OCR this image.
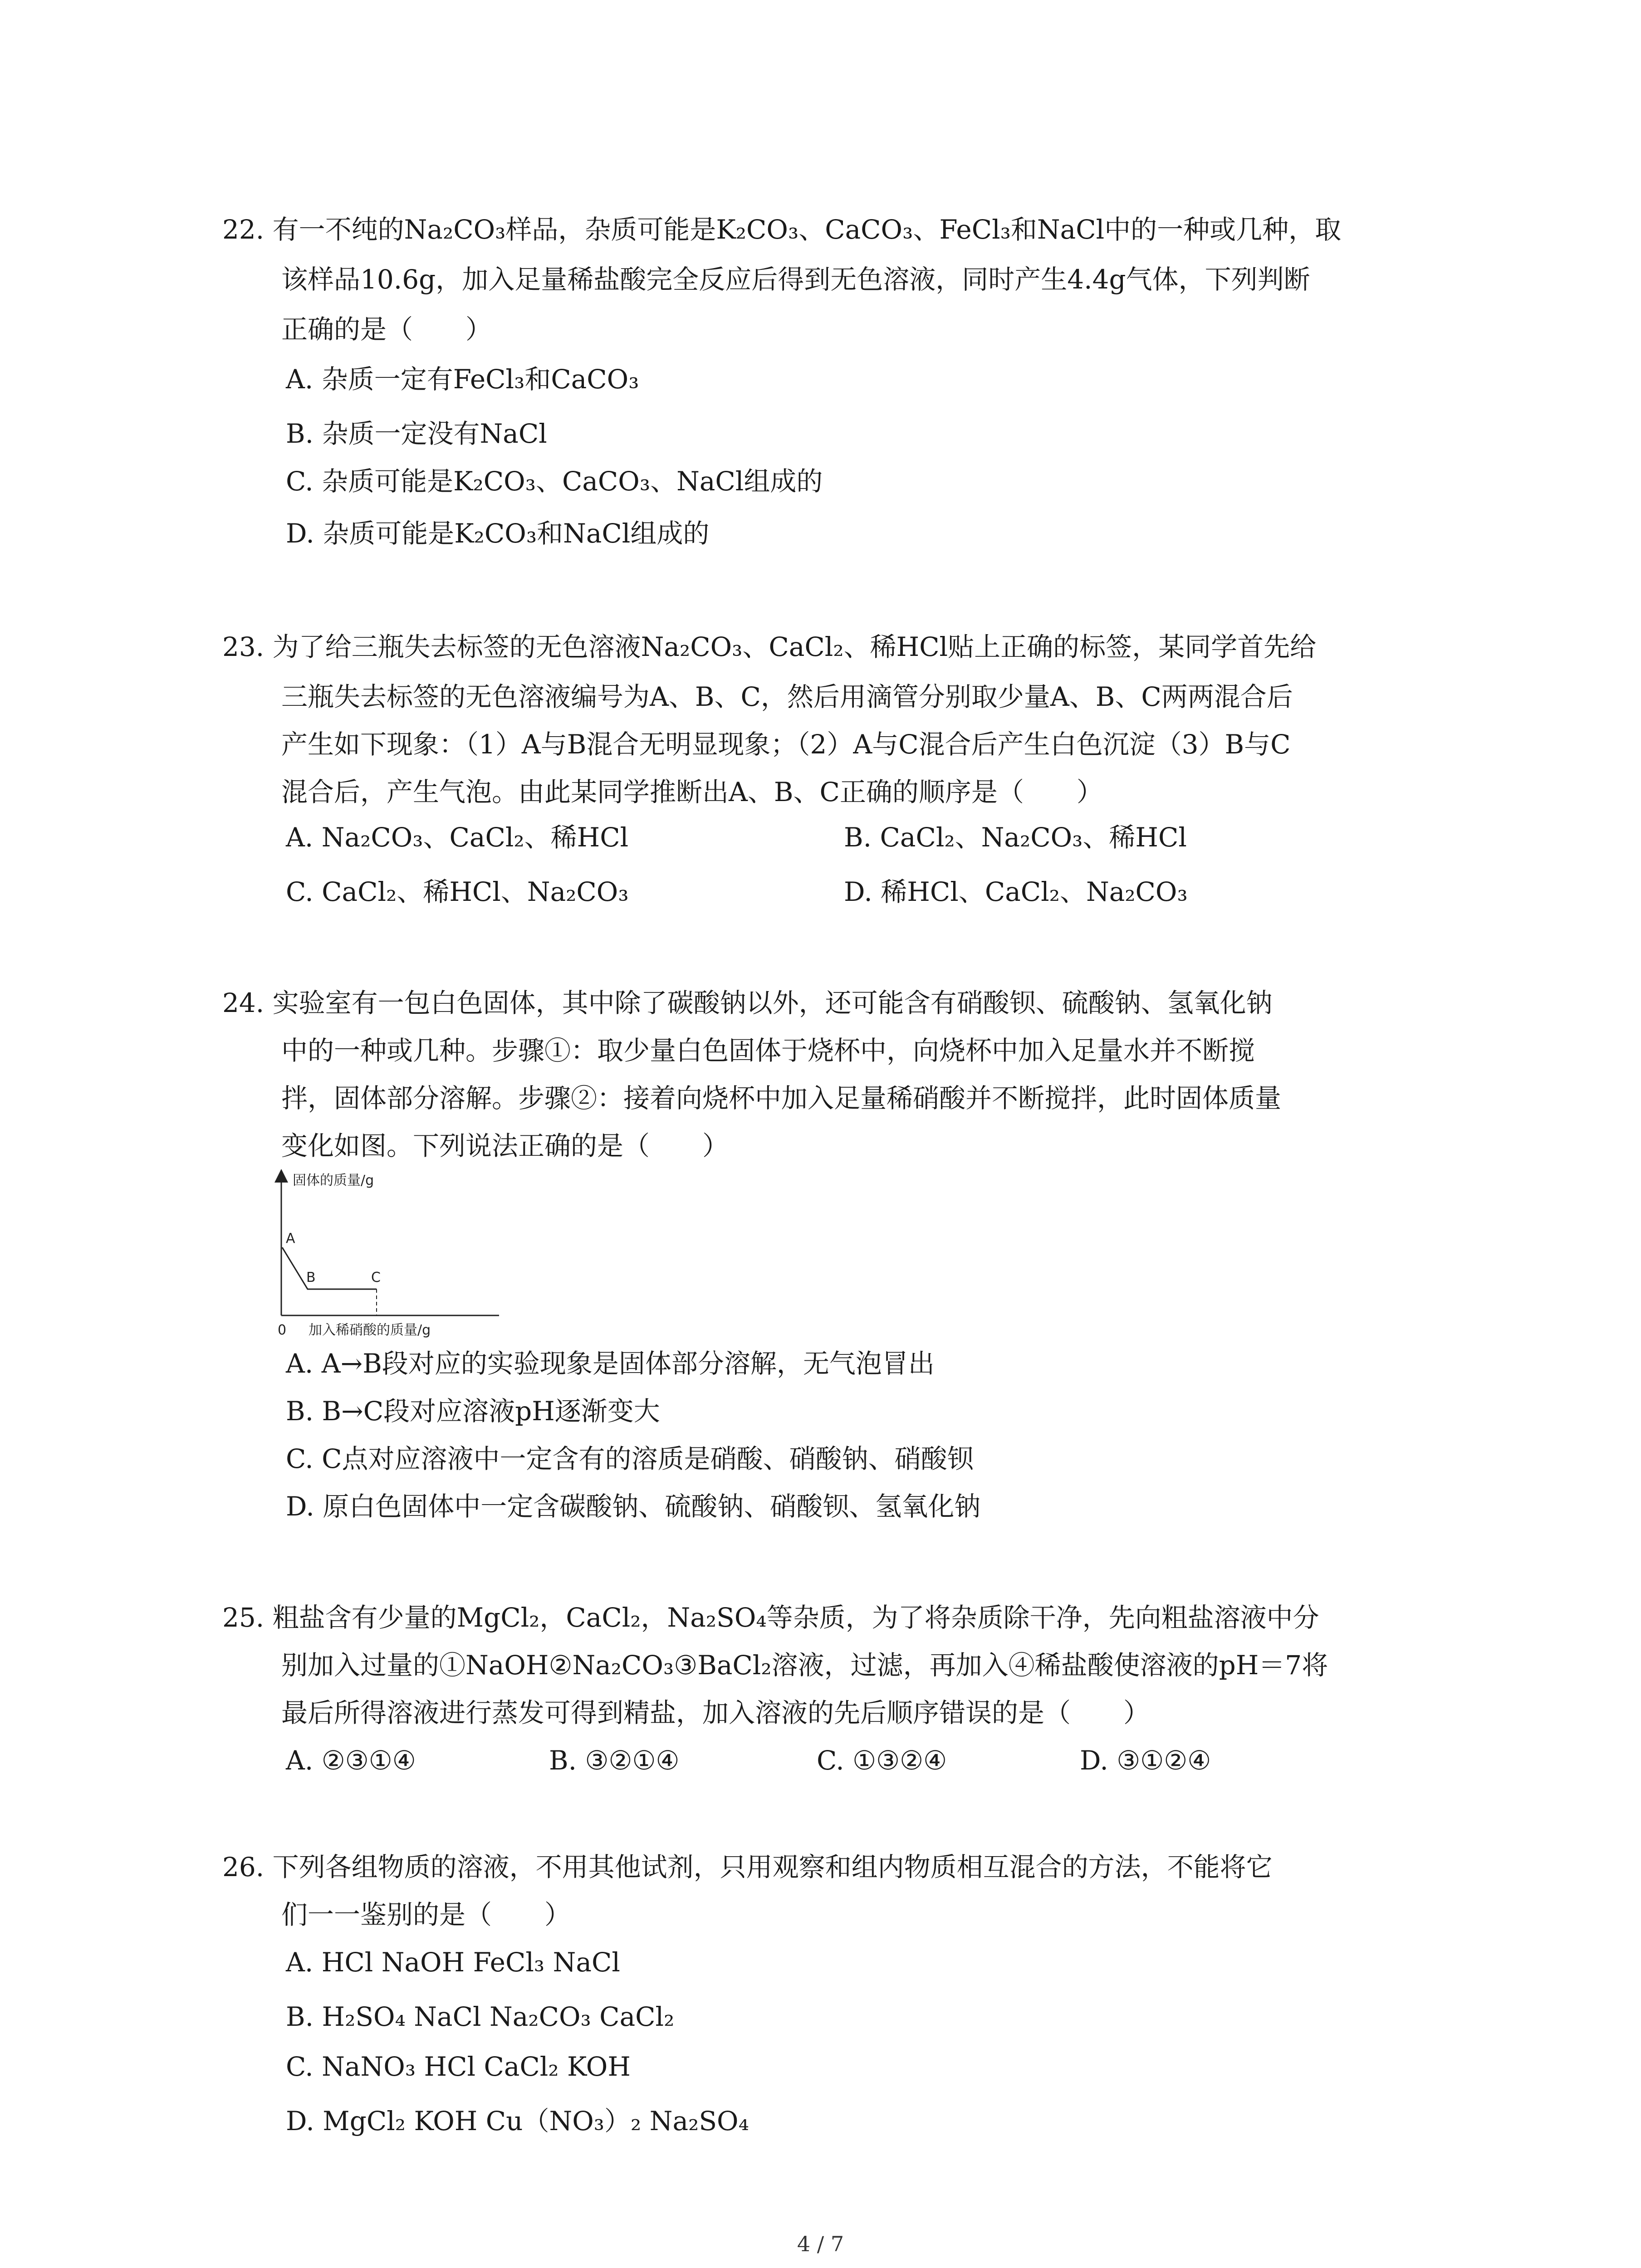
22. 有一不纯的Na₂CO₃样品，杂质可能是K₂CO₃、CaCO₃、FeCl₃和NaCl中的一种或几种，取
该样品10.6g，加入足量稀盐酸完全反应后得到无色溶液，同时产生4.4g气体，下列判断
正确的是（　　）
A. 杂质一定有FeCl₃和CaCO₃
B. 杂质一定没有NaCl
C. 杂质可能是K₂CO₃、CaCO₃、NaCl组成的
D. 杂质可能是K₂CO₃和NaCl组成的
23. 为了给三瓶失去标签的无色溶液Na₂CO₃、CaCl₂、稀HCl贴上正确的标签，某同学首先给
三瓶失去标签的无色溶液编号为A、B、C，然后用滴管分别取少量A、B、C两两混合后
产生如下现象：（1）A与B混合无明显现象；（2）A与C混合后产生白色沉淀（3）B与C
混合后，产生气泡。由此某同学推断出A、B、C正确的顺序是（　　）
A. Na₂CO₃、CaCl₂、稀HCl	B. CaCl₂、Na₂CO₃、稀HCl
C. CaCl₂、稀HCl、Na₂CO₃	D. 稀HCl、CaCl₂、Na₂CO₃
24. 实验室有一包白色固体，其中除了碳酸钠以外，还可能含有硝酸钡、硫酸钠、氢氧化钠
中的一种或几种。步骤①：取少量白色固体于烧杯中，向烧杯中加入足量水并不断搅
拌，固体部分溶解。步骤②：接着向烧杯中加入足量稀硝酸并不断搅拌，此时固体质量
变化如图。下列说法正确的是（　　）
固体的质量/g
A
B	C
0 加入稀硝酸的质量/g
A. A→B段对应的实验现象是固体部分溶解，无气泡冒出
B. B→C段对应溶液pH逐渐变大
C. C点对应溶液中一定含有的溶质是硝酸、硝酸钠、硝酸钡
D. 原白色固体中一定含碳酸钠、硫酸钠、硝酸钡、氢氧化钠
25. 粗盐含有少量的MgCl₂，CaCl₂，Na₂SO₄等杂质，为了将杂质除干净，先向粗盐溶液中分
别加入过量的①NaOH②Na₂CO₃③BaCl₂溶液，过滤，再加入④稀盐酸使溶液的pH＝7将
最后所得溶液进行蒸发可得到精盐，加入溶液的先后顺序错误的是（　　）
A. ②③①④	B. ③②①④	C. ①③②④	D. ③①②④
26. 下列各组物质的溶液，不用其他试剂，只用观察和组内物质相互混合的方法，不能将它
们一一鉴别的是（　　）
A. HCl NaOH FeCl₃ NaCl
B. H₂SO₄ NaCl Na₂CO₃ CaCl₂
C. NaNO₃ HCl CaCl₂ KOH
D. MgCl₂ KOH Cu（NO₃）₂ Na₂SO₄
4 / 7
